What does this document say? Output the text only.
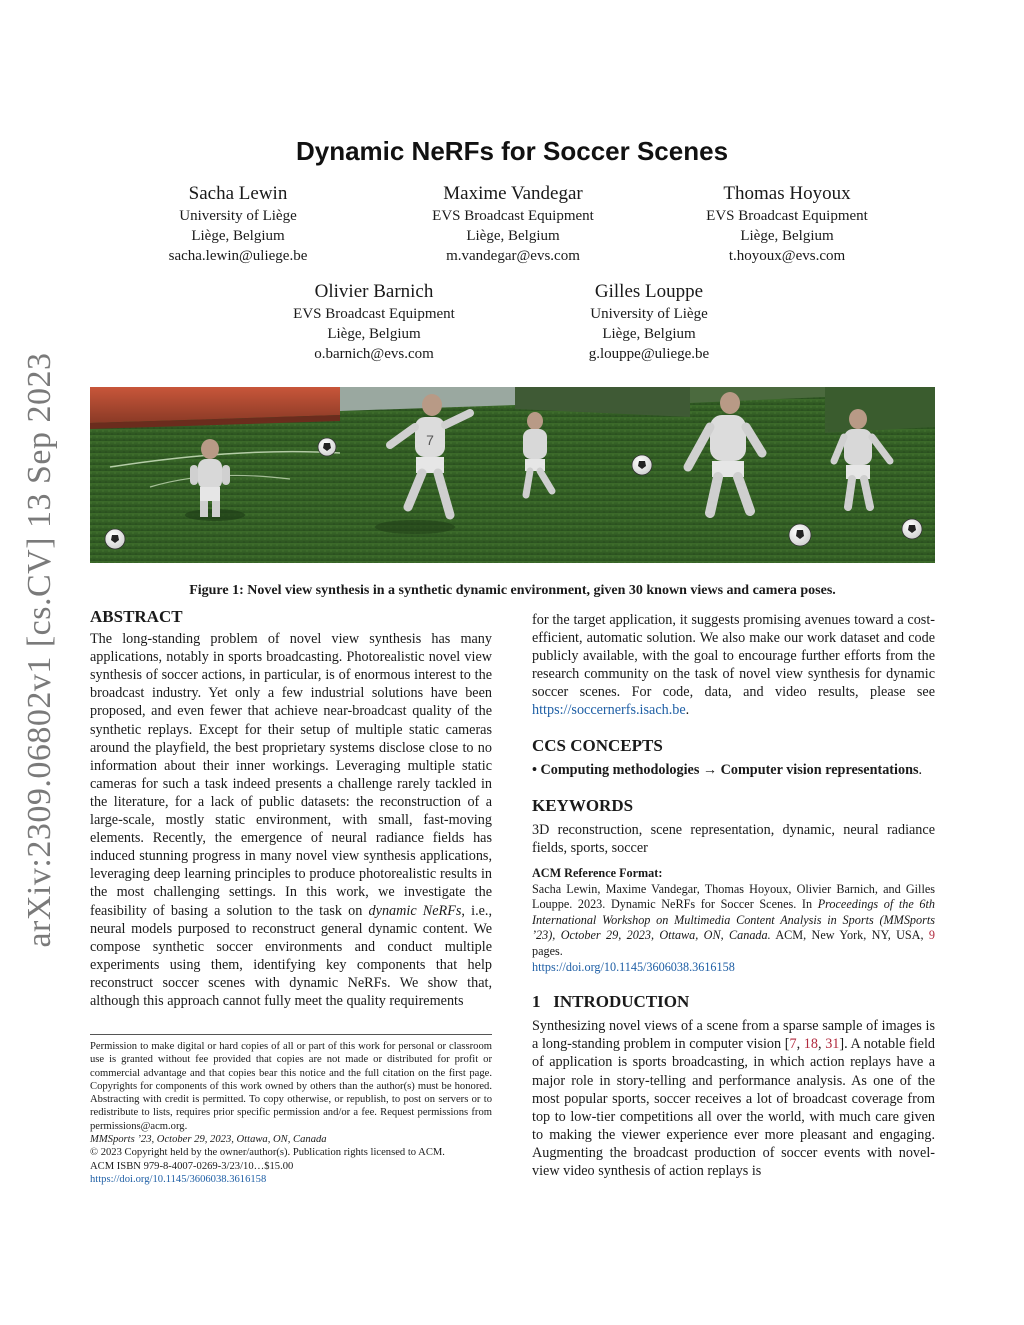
arXiv:2309.06802v1 [cs.CV] 13 Sep 2023
Dynamic NeRFs for Soccer Scenes
Sacha Lewin
University of Liège
Liège, Belgium
sacha.lewin@uliege.be
Maxime Vandegar
EVS Broadcast Equipment
Liège, Belgium
m.vandegar@evs.com
Thomas Hoyoux
EVS Broadcast Equipment
Liège, Belgium
t.hoyoux@evs.com
Olivier Barnich
EVS Broadcast Equipment
Liège, Belgium
o.barnich@evs.com
Gilles Louppe
University of Liège
Liège, Belgium
g.louppe@uliege.be
7
Figure 1: Novel view synthesis in a synthetic dynamic environment, given 30 known views and camera poses.
ABSTRACT

The long-standing problem of novel view synthesis has many applications, notably in sports broadcasting. Photorealistic novel view synthesis of soccer actions, in particular, is of enormous interest to the broadcast industry. Yet only a few industrial solutions have been proposed, and even fewer that achieve near-broadcast quality of the synthetic replays. Except for their setup of multiple static cameras around the playfield, the best proprietary systems disclose close to no information about their inner workings. Leveraging multiple static cameras for such a task indeed presents a challenge rarely tackled in the literature, for a lack of public datasets: the reconstruction of a large-scale, mostly static environment, with small, fast-moving elements. Recently, the emergence of neural radiance fields has induced stunning progress in many novel view synthesis applications, leveraging deep learning principles to produce photorealistic results in the most challenging settings. In this work, we investigate the feasibility of basing a solution to the task on dynamic NeRFs, i.e., neural models purposed to reconstruct general dynamic content. We compose synthetic soccer environments and conduct multiple experiments using them, identifying key components that help reconstruct soccer scenes with dynamic NeRFs. We show that, although this approach cannot fully meet the quality requirements

Permission to make digital or hard copies of all or part of this work for personal or classroom use is granted without fee provided that copies are not made or distributed for profit or commercial advantage and that copies bear this notice and the full citation on the first page. Copyrights for components of this work owned by others than the author(s) must be honored. Abstracting with credit is permitted. To copy otherwise, or republish, to post on servers or to redistribute to lists, requires prior specific permission and/or a fee. Request permissions from permissions@acm.org.

MMSports ’23, October 29, 2023, Ottawa, ON, Canada

© 2023 Copyright held by the owner/author(s). Publication rights licensed to ACM.

ACM ISBN 979-8-4007-0269-3/23/10…$15.00

https://doi.org/10.1145/3606038.3616158

for the target application, it suggests promising avenues toward a cost-efficient, automatic solution. We also make our work dataset and code publicly available, with the goal to encourage further efforts from the research community on the task of novel view synthesis for dynamic soccer scenes. For code, data, and video results, please see https://soccernerfs.isach.be.

CCS CONCEPTS

• Computing methodologies → Computer vision representations.

KEYWORDS

3D reconstruction, scene representation, dynamic, neural radiance fields, sports, soccer

ACM Reference Format:

Sacha Lewin, Maxime Vandegar, Thomas Hoyoux, Olivier Barnich, and Gilles Louppe. 2023. Dynamic NeRFs for Soccer Scenes. In Proceedings of the 6th International Workshop on Multimedia Content Analysis in Sports (MMSports ’23), October 29, 2023, Ottawa, ON, Canada. ACM, New York, NY, USA, 9 pages.

https://doi.org/10.1145/3606038.3616158

1 INTRODUCTION

Synthesizing novel views of a scene from a sparse sample of images is a long-standing problem in computer vision [7, 18, 31]. A notable field of application is sports broadcasting, in which action replays have a major role in story-telling and performance analysis. As one of the most popular sports, soccer receives a lot of broadcast coverage from top to low-tier competitions all over the world, with much care given to making the viewer experience ever more pleasant and engaging. Augmenting the broadcast production of soccer events with novel-view video synthesis of action replays is
